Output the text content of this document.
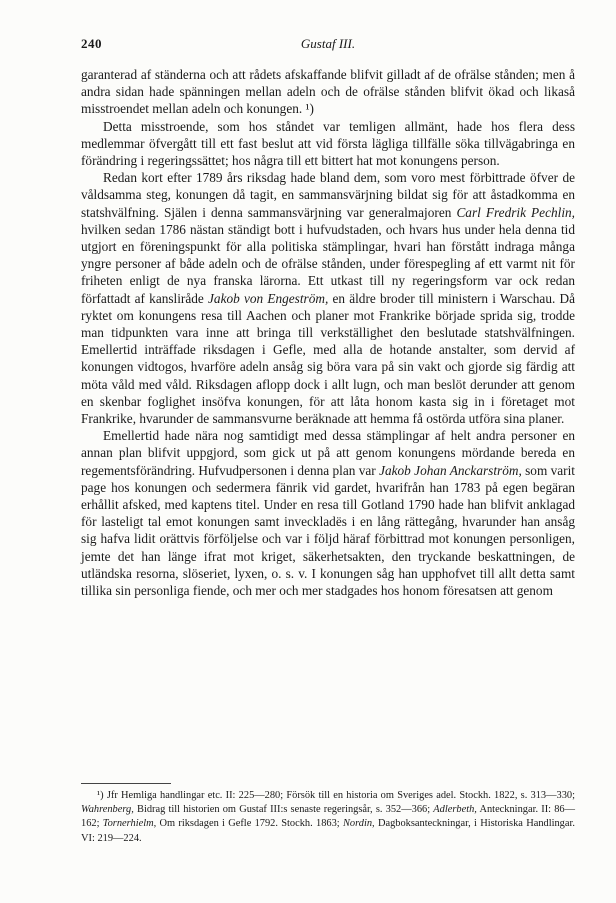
240	Gustaf III.

garanterad af ständerna och att rådets afskaffande blifvit gilladt af de ofrälse stånden; men å andra sidan hade spänningen mellan adeln och de ofrälse stånden blifvit ökad och likaså misstroendet mellan adeln och konungen. ¹)

Detta misstroende, som hos ståndet var temligen allmänt, hade hos flera dess medlemmar öfvergått till ett fast beslut att vid första lägliga tillfälle söka tillvägabringa en förändring i regeringssättet; hos några till ett bittert hat mot konungens person.

Redan kort efter 1789 års riksdag hade bland dem, som voro mest förbittrade öfver de våldsamma steg, konungen då tagit, en sammansvärjning bildat sig för att åstadkomma en statshvälfning. Själen i denna sammansvärjning var generalmajoren Carl Fredrik Pechlin, hvilken sedan 1786 nästan ständigt bott i hufvudstaden, och hvars hus under hela denna tid utgjort en föreningspunkt för alla politiska stämplingar, hvari han förstått indraga många yngre personer af både adeln och de ofrälse stånden, under förespegling af ett varmt nit för friheten enligt de nya franska lärorna. Ett utkast till ny regeringsform var ock redan författadt af kansliråde Jakob von Engeström, en äldre broder till ministern i Warschau. Då ryktet om konungens resa till Aachen och planer mot Frankrike började sprida sig, trodde man tidpunkten vara inne att bringa till verkställighet den beslutade statshvälfningen. Emellertid inträffade riksdagen i Gefle, med alla de hotande anstalter, som dervid af konungen vidtogos, hvarföre adeln ansåg sig böra vara på sin vakt och gjorde sig färdig att möta våld med våld. Riksdagen aflopp dock i allt lugn, och man beslöt derunder att genom en skenbar foglighet insöfva konungen, för att låta honom kasta sig in i företaget mot Frankrike, hvarunder de sammansvurne beräknade att hemma få ostörda utföra sina planer.

Emellertid hade nära nog samtidigt med dessa stämplingar af helt andra personer en annan plan blifvit uppgjord, som gick ut på att genom konungens mördande bereda en regementsförändring. Hufvudpersonen i denna plan var Jakob Johan Anckarström, som varit page hos konungen och sedermera fänrik vid gardet, hvarifrån han 1783 på egen begäran erhållit afsked, med kaptens titel. Under en resa till Gotland 1790 hade han blifvit anklagad för lasteligt tal emot konungen samt inveckladës i en lång rättegång, hvarunder han ansåg sig hafva lidit orättvis förföljelse och var i följd häraf förbittrad mot konungen personligen, jemte det han länge ifrat mot kriget, säkerhetsakten, den tryckande beskattningen, de utländska resorna, slöseriet, lyxen, o. s. v. I konungen såg han upphofvet till allt detta samt tillika sin personliga fiende, och mer och mer stadgades hos honom föresatsen att genom

¹) Jfr Hemliga handlingar etc. II: 225—280; Försök till en historia om Sveriges adel. Stockh. 1822, s. 313—330; Wahrenberg, Bidrag till historien om Gustaf III:s senaste regeringsår, s. 352—366; Adlerbeth, Anteckningar. II: 86—162; Tornerhielm, Om riksdagen i Gefle 1792. Stockh. 1863; Nordin, Dagboksanteckningar, i Historiska Handlingar. VI: 219—224.
